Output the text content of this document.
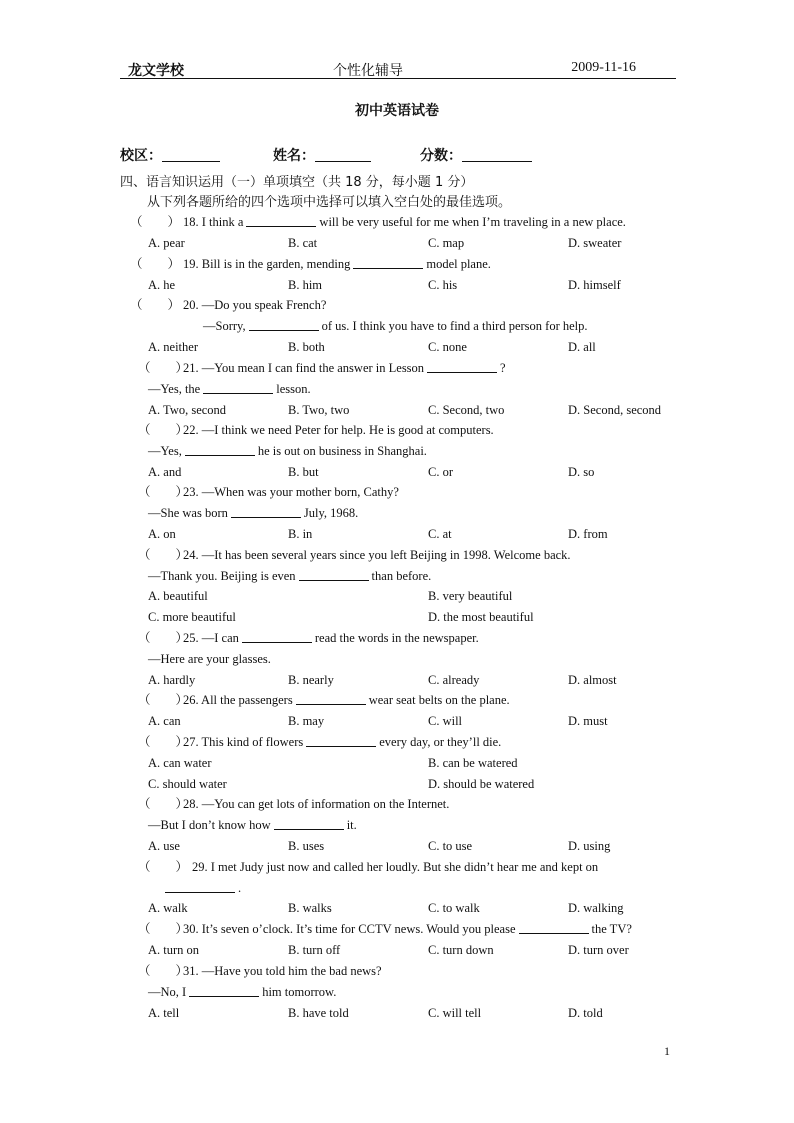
龙文学校	个性化辅导	2009-11-16
初中英语试卷
校区：	姓名：	分数：
四、语言知识运用（一）单项填空（共 18 分，每小题 1 分）
从下列各题所给的四个选项中选择可以填入空白处的最佳选项。
（　　） 18. I think a	will be very useful for me when I’m traveling in a new place.
A. pear	B. cat	C. map	D. sweater
（　　） 19. Bill is in the garden, mending	model plane.
A. he	B. him	C. his	D. himself
（　　） 20. —Do you speak French?
—Sorry,	of us. I think you have to find a third person for help.
A. neither	B. both	C. none	D. all
（　　）
21. —You mean I can find the answer in Lesson	?
—Yes, the	lesson.
A. Two, second	B. Two, two	C. Second, two	D. Second, second
（　　）
22. —I think we need Peter for help. He is good at computers.
—Yes,	he is out on business in Shanghai.
A. and	B. but	C. or	D. so
（　　）
23. —When was your mother born, Cathy?
—She was born	July, 1968.
A. on	B. in	C. at	D. from
（　　）
24. —It has been several years since you left Beijing in 1998. Welcome back.
—Thank you. Beijing is even	than before.
A. beautiful	B. very beautiful
C. more beautiful	D. the most beautiful
（　　）
25. —I can	read the words in the newspaper.
—Here are your glasses.
A. hardly	B. nearly	C. already	D. almost
（　　）
26. All the passengers	wear seat belts on the plane.
A. can	B. may	C. will	D. must
（　　）
27. This kind of flowers	every day, or they’ll die.
A. can water	B. can be watered
C. should water	D. should be watered
（　　）
28. —You can get lots of information on the Internet.
—But I don’t know how	it.
A. use	B. uses	C. to use	D. using
（　　） 29. I met Judy just now and called her loudly. But she didn’t hear me and kept on
.
A. walk	B. walks	C. to walk	D. walking
（　　）
30. It’s seven o’clock. It’s time for CCTV news. Would you please	the TV?
A. turn on	B. turn off	C. turn down	D. turn over
（　　）
31. —Have you told him the bad news?
—No, I	him tomorrow.
A. tell	B. have told	C. will tell	D. told
1
